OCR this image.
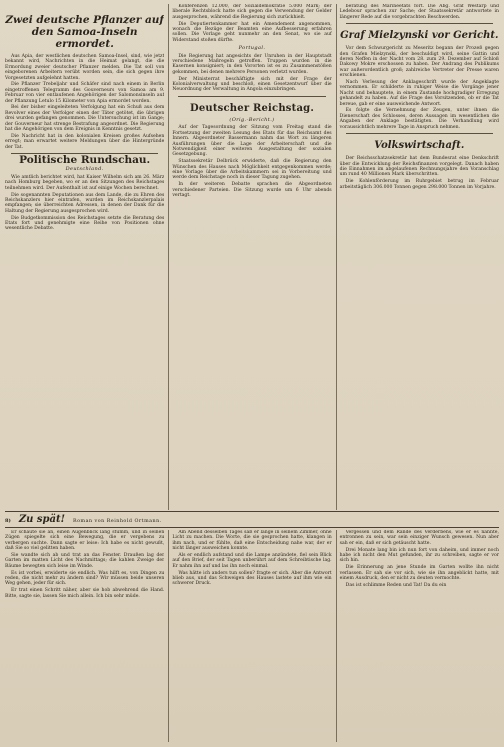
Zwei deutsche Pflanzer auf den Samoa-Inseln ermordet.

Aus Apia, der westlichen deutschen Samoa-Insel, sind, wie jetzt bekannt wird, Nachrichten in die Heimat gelangt, die die Ermordung zweier deutscher Pflanzer melden. Die Tat soll von eingeborenen Arbeitern verübt worden sein, die sich gegen ihre Vorgesetzten aufgelehnt hatten.

Die Pflanzer Trebeljahr und Schäfer sind nach einem in Berlin eingetroffenen Telegramm des Gouverneurs von Samoa am 9. Februar von vier entlaufenen Angehörigen der Salomonsinseln auf der Pflanzung Letulo 15 Kilometer von Apia ermordet worden.

Bei der bisher eingeleiteten Verfolgung hat ein Schuß aus dem Revolver eines der Verfolger einen der Täter getötet, die übrigen drei wurden gefangen genommen. Die Untersuchung ist im Gange; der Gouverneur hat strenge Bestrafung angeordnet. Die Regierung hat die Angehörigen von dem Ereignis in Kenntnis gesetzt.

Die Nachricht hat in den kolonialen Kreisen großes Aufsehen erregt; man erwartet weitere Meldungen über die Hintergründe der Tat.

Politische Rundschau.
Deutschland.

Wie amtlich berichtet wird, hat Kaiser Wilhelm sich am 26. März nach Homburg begeben, wo er an den Sitzungen des Reichstages teilnehmen wird. Der Aufenthalt ist auf einige Wochen berechnet.

Die sogenannten Deputationen aus dem Lande, die zu Ehren des Reichskanzlers hier eintrafen, wurden im Reichskanzlerpalais empfangen; sie überreichten Adressen, in denen der Dank für die Haltung der Regierung ausgesprochen wird.

Die Budgetkommission des Reichstages setzte die Beratung des Etats fort und genehmigte eine Reihe von Positionen ohne wesentliche Debatte.

Konferenzen 12.000, der Sozialdemokratie 5.000 Mark; der liberale Rechtsblock hatte sich gegen die Verwendung der Gelder ausgesprochen, während die Regierung sich zurückhielt.

Die Deputiertenkammer hat ein Amendement angenommen, wonach die Bezüge der Beamten eine Aufbesserung erfahren sollen. Die Vorlage geht nunmehr an den Senat, wo sie auf Widerstand stoßen dürfte.

Portugal.

Die Regierung hat angesichts der Unruhen in der Hauptstadt verschiedene Maßregeln getroffen. Truppen wurden in die Kasernen konsigniert; in den Vororten ist es zu Zusammenstößen gekommen, bei denen mehrere Personen verletzt wurden.

Der Ministerrat beschäftigte sich mit der Frage der Kolonialverwaltung und beschloß, einen Gesetzentwurf über die Neuordnung der Verwaltung in Angola einzubringen.

Deutscher Reichstag.
(Orig.-Bericht.)

Auf der Tagesordnung der Sitzung vom Freitag stand die Fortsetzung der zweiten Lesung des Etats für das Reichsamt des Innern. Abgeordneter Bassermann nahm das Wort zu längeren Ausführungen über die Lage der Arbeiterschaft und die Notwendigkeit einer weiteren Ausgestaltung der sozialen Gesetzgebung.

Staatssekretär Delbrück erwiderte, daß die Regierung den Wünschen des Hauses nach Möglichkeit entgegenkommen werde; eine Vorlage über die Arbeitskammern sei in Vorbereitung und werde dem Reichstage noch in dieser Tagung zugehen.

In der weiteren Debatte sprachen die Abgeordneten verschiedener Parteien. Die Sitzung wurde um 6 Uhr abends vertagt.

beratung des Marineetats fort. Die Abg. Graf Westarp und Ledebour sprachen zur Sache; der Staatssekretär antwortete in längerer Rede auf die vorgebrachten Beschwerden.

Graf Mielzynski vor Gericht.

Vor dem Schwurgericht zu Meseritz begann der Prozeß gegen den Grafen Mielzynski, der beschuldigt wird, seine Gattin und deren Neffen in der Nacht vom 28. zum 29. Dezember auf Schloß Dakowy Mokre erschossen zu haben. Der Andrang des Publikums war außerordentlich groß; zahlreiche Vertreter der Presse waren erschienen.

Nach Verlesung der Anklageschrift wurde der Angeklagte vernommen. Er schilderte in ruhiger Weise die Vorgänge jener Nacht und behauptete, in einem Zustande hochgradiger Erregung gehandelt zu haben. Auf die Frage des Vorsitzenden, ob er die Tat bereue, gab er eine ausweichende Antwort.

Es folgte die Vernehmung der Zeugen, unter ihnen die Dienerschaft des Schlosses, deren Aussagen im wesentlichen die Angaben der Anklage bestätigten. Die Verhandlung wird voraussichtlich mehrere Tage in Anspruch nehmen.

Volkswirtschaft.

Der Reichsschatzsekretär hat dem Bundesrat eine Denkschrift über die Entwicklung der Reichsfinanzen vorgelegt. Danach haben die Einnahmen im abgelaufenen Rechnungsjahre den Voranschlag um rund 40 Millionen Mark überschritten.

Die Kohlenförderung im Ruhrgebiet betrug im Februar arbeitstäglich 306.000 Tonnen gegen 298.000 Tonnen im Vorjahre.

8) Zu spät! Roman von Reinhold Ortmann.

Er schaute sie an, einen Augenblick lang stumm, und in seinen Zügen spiegelte sich eine Bewegung, die er vergebens zu verbergen suchte. Dann sagte er leise: Ich habe es nicht gewußt, daß Sie so viel gelitten haben.

Sie wandte sich ab und trat an das Fenster. Draußen lag der Garten im matten Licht des Nachmittags; die kahlen Zweige der Bäume bewegten sich leise im Winde.

Es ist vorbei, erwiderte sie endlich. Was hilft es, von Dingen zu reden, die nicht mehr zu ändern sind? Wir müssen beide unseren Weg gehen, jeder für sich.

Er trat einen Schritt näher, aber sie hob abwehrend die Hand. Bitte, sagte sie, lassen Sie mich allein. Ich bin sehr müde.

Am Abend desselben Tages saß er lange in seinem Zimmer, ohne Licht zu machen. Die Worte, die sie gesprochen hatte, klangen in ihm nach, und er fühlte, daß eine Entscheidung nahe war, der er nicht länger ausweichen konnte.

Als er endlich aufstand und die Lampe anzündete, fiel sein Blick auf den Brief, der seit Tagen unberührt auf dem Schreibtische lag. Er nahm ihn auf und las ihn noch einmal.

Was hätte ich anders tun sollen? fragte er sich. Aber die Antwort blieb aus, und das Schweigen des Hauses lastete auf ihm wie ein schwerer Druck.

Vergessen und dem Rande des Verderbens, wie er es nannte, entronnen zu sein, war sein einziger Wunsch gewesen. Nun aber sah er ein, daß er sich getäuscht hatte.

Drei Monate lang bin ich nun fort von daheim, und immer noch habe ich nicht den Mut gefunden, ihr zu schreiben, sagte er vor sich hin.

Die Erinnerung an jene Stunde im Garten wollte ihn nicht verlassen. Er sah sie vor sich, wie sie ihn angeblickt hatte, mit einem Ausdruck, den er nicht zu deuten vermochte.

Das ist schlimme Reden und Tat! Da du ein
